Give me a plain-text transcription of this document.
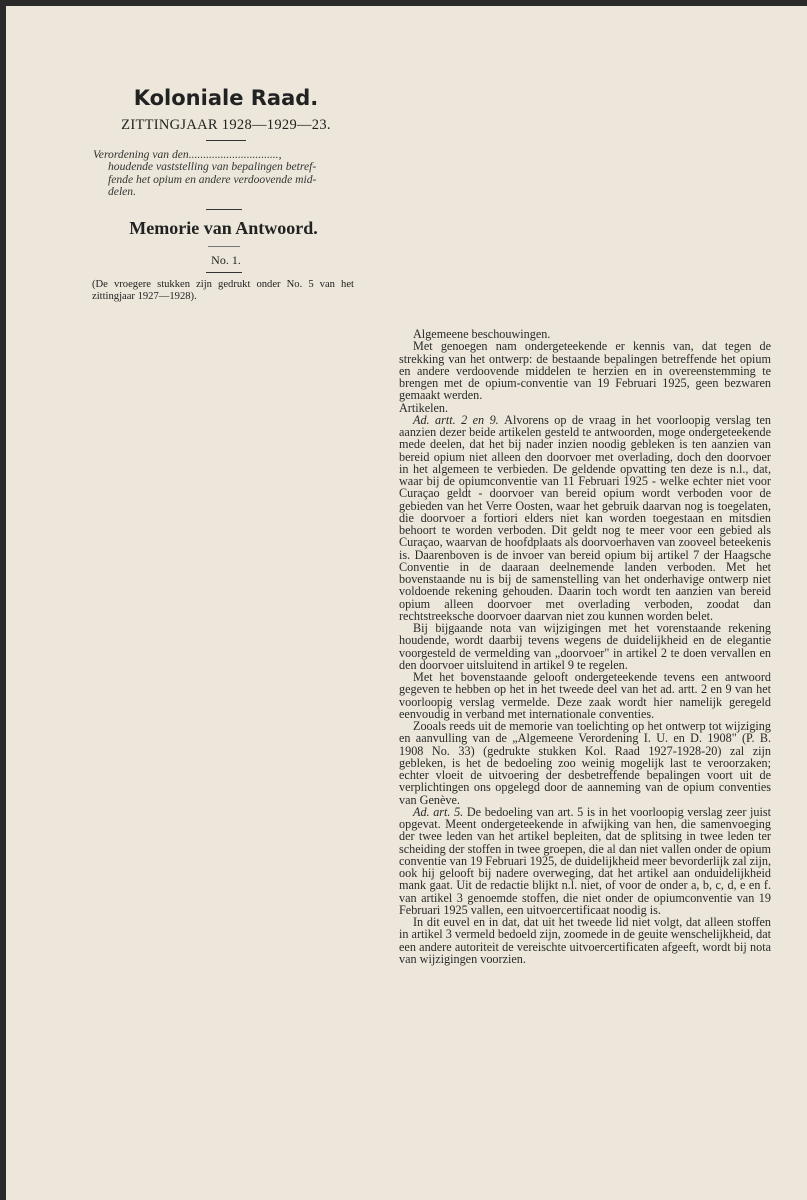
Koloniale Raad.
ZITTINGJAAR 1928—1929—23.
Verordening van den...............................,
houdende vaststelling van bepalingen betref-
fende het opium en andere verdoovende mid-
delen.
Memorie van Antwoord.
No. 1.
(De vroegere stukken zijn gedrukt onder No. 5 van het zittingjaar 1927—1928).

Algemeene beschouwingen.

Met genoegen nam ondergeteekende er kennis van, dat tegen de strekking van het ontwerp: de bestaande bepalingen betreffende het opium en andere verdoovende middelen te herzien en in overeenstemming te brengen met de opium-conventie van 19 Februari 1925, geen bezwaren gemaakt werden.

Artikelen.

Ad. artt. 2 en 9. Alvorens op de vraag in het voorloopig verslag ten aanzien dezer beide artikelen gesteld te antwoorden, moge ondergeteekende mede deelen, dat het bij nader inzien noodig gebleken is ten aanzien van bereid opium niet alleen den doorvoer met overlading, doch den doorvoer in het algemeen te verbieden. De geldende opvatting ten deze is n.l., dat, waar bij de opiumconventie van 11 Februari 1925 - welke echter niet voor Curaçao geldt - doorvoer van bereid opium wordt verboden voor de gebieden van het Verre Oosten, waar het gebruik daarvan nog is toegelaten, die doorvoer a fortiori elders niet kan worden toegestaan en mitsdien behoort te worden verboden. Dit geldt nog te meer voor een gebied als Curaçao, waarvan de hoofdplaats als doorvoerhaven van zooveel beteekenis is. Daarenboven is de invoer van bereid opium bij artikel 7 der Haagsche Conventie in de daaraan deelnemende landen verboden. Met het bovenstaande nu is bij de samenstelling van het onderhavige ontwerp niet voldoende rekening gehouden. Daarin toch wordt ten aanzien van bereid opium alleen doorvoer met overlading verboden, zoodat dan rechtstreeksche doorvoer daarvan niet zou kunnen worden belet.

Bij bijgaande nota van wijzigingen met het vorenstaande rekening houdende, wordt daarbij tevens wegens de duidelijkheid en de elegantie voorgesteld de vermelding van „doorvoer" in artikel 2 te doen vervallen en den doorvoer uitsluitend in artikel 9 te regelen.

Met het bovenstaande gelooft ondergeteekende tevens een antwoord gegeven te hebben op het in het tweede deel van het ad. artt. 2 en 9 van het voorloopig verslag vermelde. Deze zaak wordt hier namelijk geregeld eenvoudig in verband met internationale conventies.

Zooals reeds uit de memorie van toelichting op het ontwerp tot wijziging en aanvulling van de „Algemeene Verordening I. U. en D. 1908" (P. B. 1908 No. 33) (gedrukte stukken Kol. Raad 1927-1928-20) zal zijn gebleken, is het de bedoeling zoo weinig mogelijk last te veroorzaken; echter vloeit de uitvoering der desbetreffende bepalingen voort uit de verplichtingen ons opgelegd door de aanneming van de opium conventies van Genève.

Ad. art. 5. De bedoeling van art. 5 is in het voorloopig verslag zeer juist opgevat. Meent ondergeteekende in afwijking van hen, die samenvoeging der twee leden van het artikel bepleiten, dat de splitsing in twee leden ter scheiding der stoffen in twee groepen, die al dan niet vallen onder de opium conventie van 19 Februari 1925, de duidelijkheid meer bevorderlijk zal zijn, ook hij gelooft bij nadere overweging, dat het artikel aan onduidelijkheid mank gaat. Uit de redactie blijkt n.l. niet, of voor de onder a, b, c, d, e en f. van artikel 3 genoemde stoffen, die niet onder de opiumconventie van 19 Februari 1925 vallen, een uitvoercertificaat noodig is.

In dit euvel en in dat, dat uit het tweede lid niet volgt, dat alleen stoffen in artikel 3 vermeld bedoeld zijn, zoomede in de geuite wenschelijkheid, dat een andere autoriteit de vereischte uitvoercertificaten afgeeft, wordt bij nota van wijzigingen voorzien.
